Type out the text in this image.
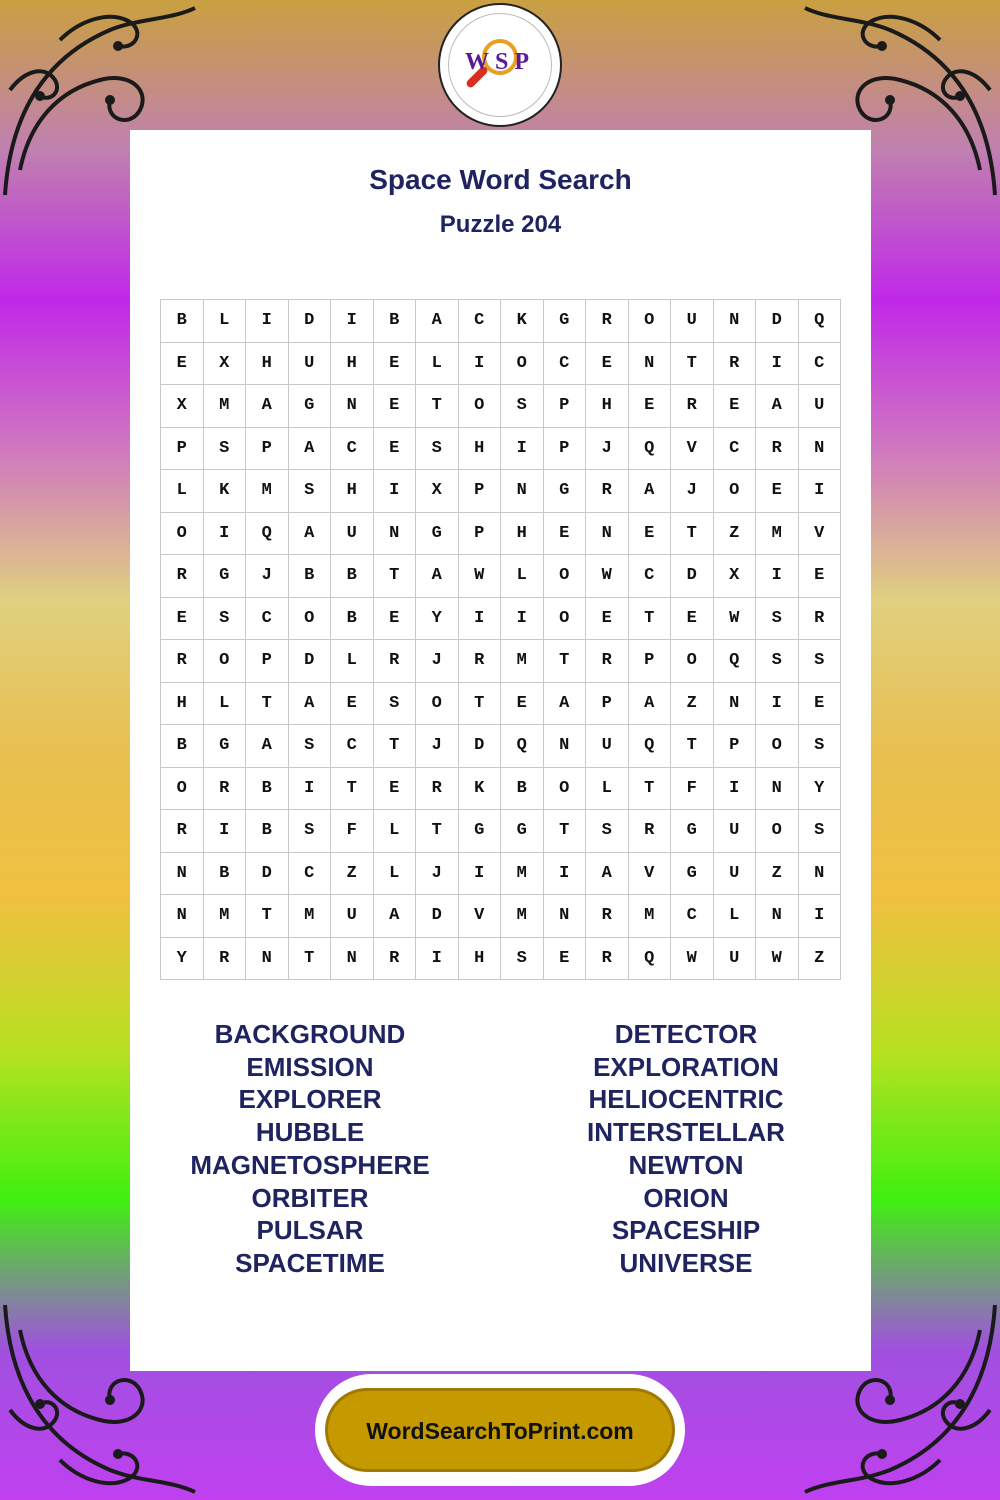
WSP
Space Word Search
Puzzle 204
B	L	I	D	I	B	A	C	K	G	R	O	U	N	D	Q
E	X	H	U	H	E	L	I	O	C	E	N	T	R	I	C
X	M	A	G	N	E	T	O	S	P	H	E	R	E	A	U
P	S	P	A	C	E	S	H	I	P	J	Q	V	C	R	N
L	K	M	S	H	I	X	P	N	G	R	A	J	O	E	I
O	I	Q	A	U	N	G	P	H	E	N	E	T	Z	M	V
R	G	J	B	B	T	A	W	L	O	W	C	D	X	I	E
E	S	C	O	B	E	Y	I	I	O	E	T	E	W	S	R
R	O	P	D	L	R	J	R	M	T	R	P	O	Q	S	S
H	L	T	A	E	S	O	T	E	A	P	A	Z	N	I	E
B	G	A	S	C	T	J	D	Q	N	U	Q	T	P	O	S
O	R	B	I	T	E	R	K	B	O	L	T	F	I	N	Y
R	I	B	S	F	L	T	G	G	T	S	R	G	U	O	S
N	B	D	C	Z	L	J	I	M	I	A	V	G	U	Z	N
N	M	T	M	U	A	D	V	M	N	R	M	C	L	N	I
Y	R	N	T	N	R	I	H	S	E	R	Q	W	U	W	Z
BACKGROUND
EMISSION
EXPLORER
HUBBLE
MAGNETOSPHERE
ORBITER
PULSAR
SPACETIME
DETECTOR
EXPLORATION
HELIOCENTRIC
INTERSTELLAR
NEWTON
ORION
SPACESHIP
UNIVERSE
WordSearchToPrint.com
